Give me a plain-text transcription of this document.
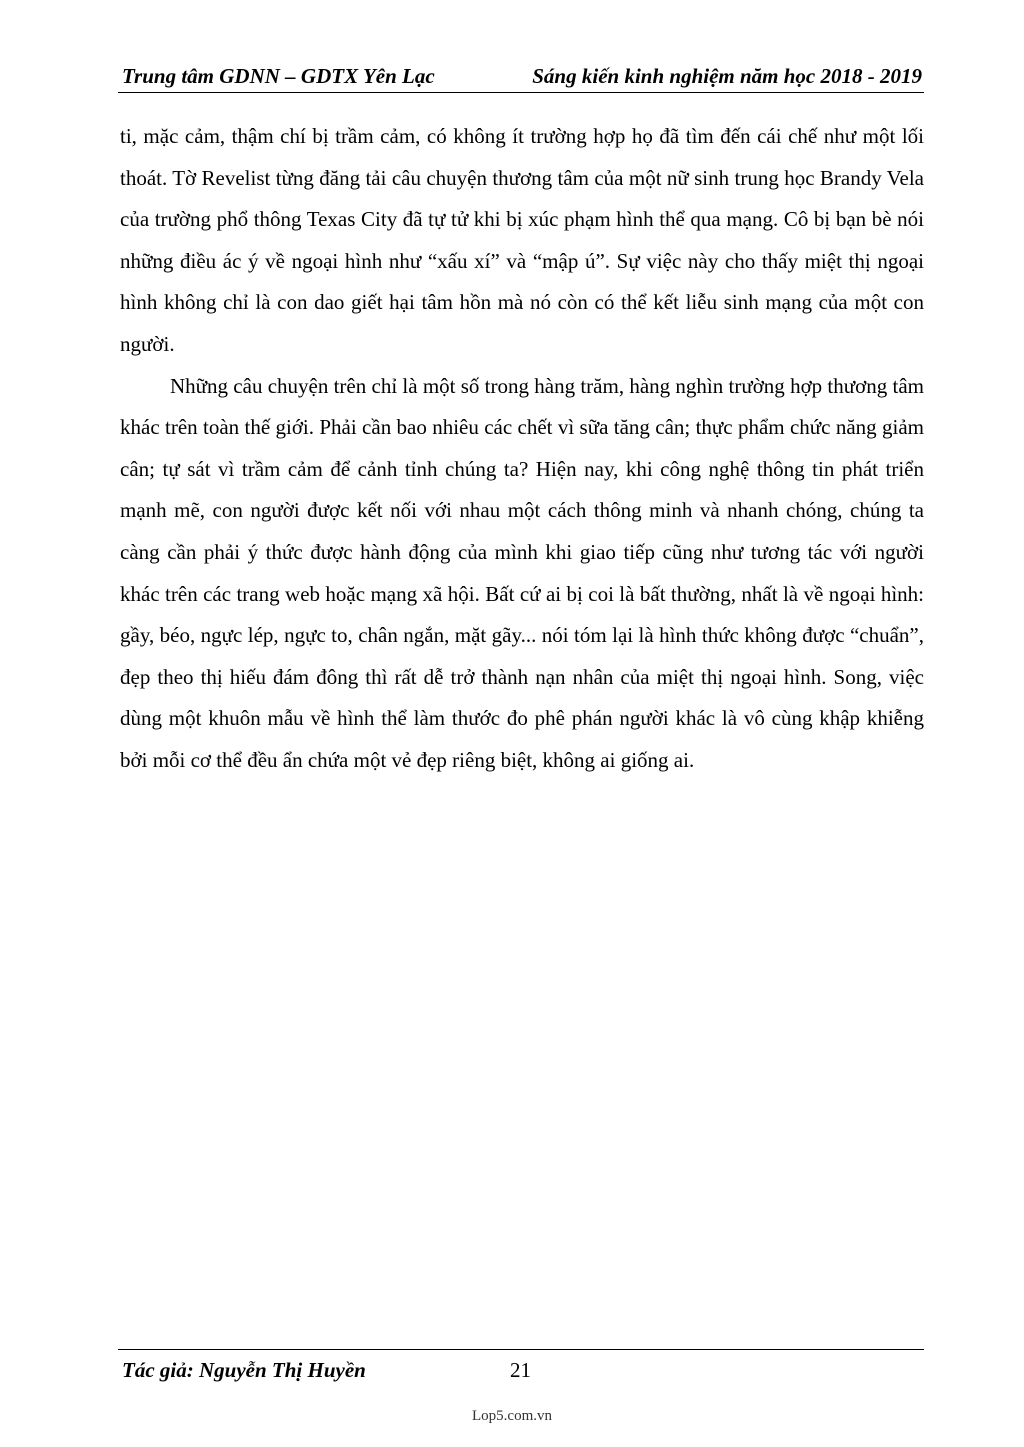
Trung tâm GDNN – GDTX Yên Lạc	Sáng kiến kinh nghiệm năm học 2018 - 2019

ti, mặc cảm, thậm chí bị trầm cảm, có không ít trường hợp họ đã tìm đến cái chế như một lối thoát. Tờ Revelist từng đăng tải câu chuyện thương tâm của một nữ sinh trung học Brandy Vela của trường phổ thông Texas City đã tự tử khi bị xúc phạm hình thể qua mạng. Cô bị bạn bè nói những điều ác ý về ngoại hình như “xấu xí” và “mập ú”. Sự việc này cho thấy miệt thị ngoại hình không chỉ là con dao giết hại tâm hồn mà nó còn có thể kết liễu sinh mạng của một con người.

Những câu chuyện trên chỉ là một số trong hàng trăm, hàng nghìn trường hợp thương tâm khác trên toàn thế giới. Phải cần bao nhiêu các chết vì sữa tăng cân; thực phẩm chức năng giảm cân; tự sát vì trầm cảm để cảnh tỉnh chúng ta? Hiện nay, khi công nghệ thông tin phát triển mạnh mẽ, con người được kết nối với nhau một cách thông minh và nhanh chóng, chúng ta càng cần phải ý thức được hành động của mình khi giao tiếp cũng như tương tác với người khác trên các trang web hoặc mạng xã hội. Bất cứ ai bị coi là bất thường, nhất là về ngoại hình: gầy, béo, ngực lép, ngực to, chân ngắn, mặt gãy... nói tóm lại là hình thức không được “chuẩn”, đẹp theo thị hiếu đám đông thì rất dễ trở thành nạn nhân của miệt thị ngoại hình. Song, việc dùng một khuôn mẫu về hình thể làm thước đo phê phán người khác là vô cùng khập khiễng bởi mỗi cơ thể đều ẩn chứa một vẻ đẹp riêng biệt, không ai giống ai.

Tác giả: Nguyễn Thị Huyền	21
Lop5.com.vn
